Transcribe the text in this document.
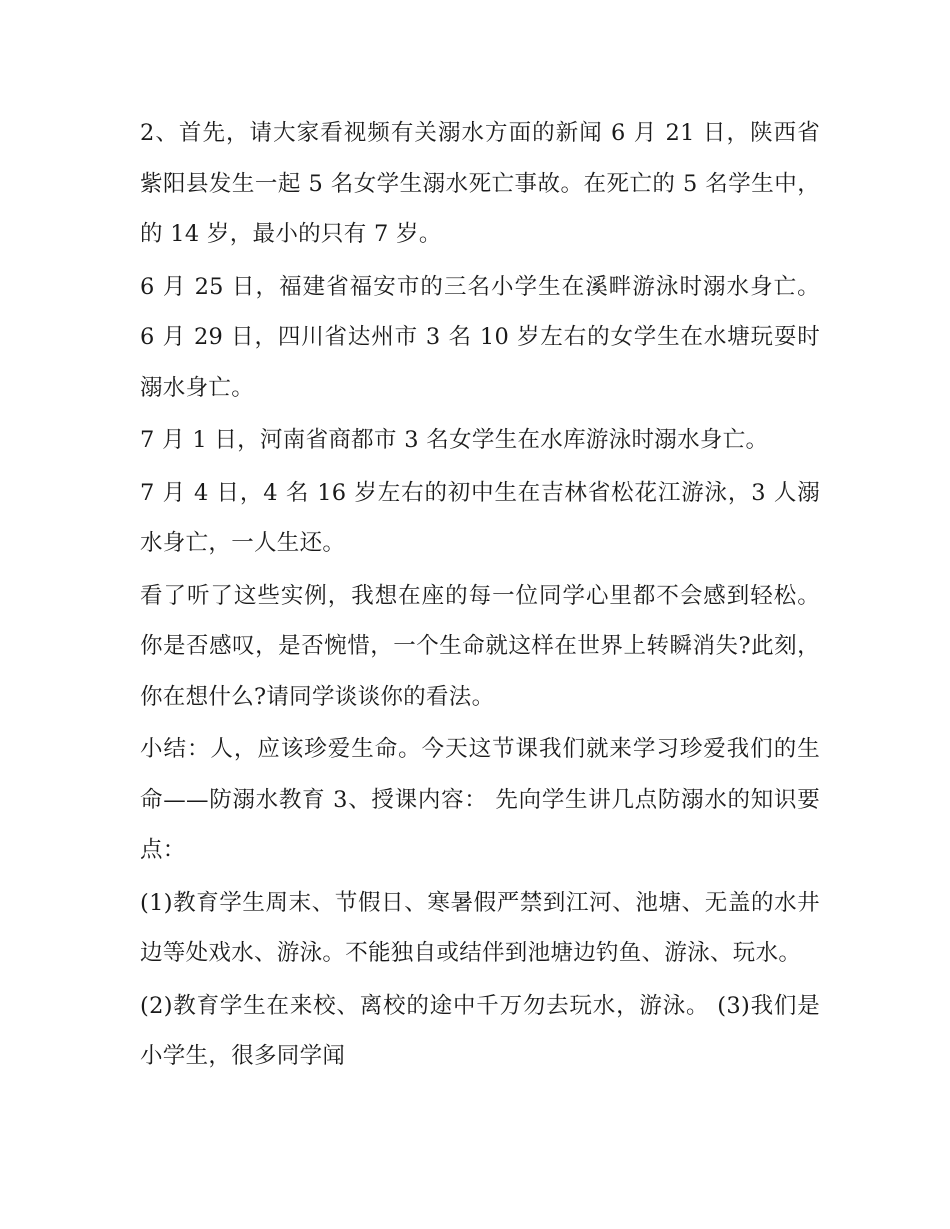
2、首先，请大家看视频有关溺水方面的新闻 6 月 21 日，陕西省紫阳县发生一起 5 名女学生溺水死亡事故。在死亡的 5 名学生中，的 14 岁，最小的只有 7 岁。

6 月 25 日，福建省福安市的三名小学生在溪畔游泳时溺水身亡。 6 月 29 日，四川省达州市 3 名 10 岁左右的女学生在水塘玩耍时溺水身亡。

7 月 1 日，河南省商都市 3 名女学生在水库游泳时溺水身亡。

7 月 4 日，4 名 16 岁左右的初中生在吉林省松花江游泳，3 人溺水身亡，一人生还。

看了听了这些实例，我想在座的每一位同学心里都不会感到轻松。你是否感叹，是否惋惜，一个生命就这样在世界上转瞬消失?此刻，你在想什么?请同学谈谈你的看法。

小结：人，应该珍爱生命。今天这节课我们就来学习珍爱我们的生命——防溺水教育 3、授课内容： 先向学生讲几点防溺水的知识要点：

(1)教育学生周末、节假日、寒暑假严禁到江河、池塘、无盖的水井边等处戏水、游泳。不能独自或结伴到池塘边钓鱼、游泳、玩水。

(2)教育学生在来校、离校的途中千万勿去玩水，游泳。 (3)我们是小学生，很多同学闻
